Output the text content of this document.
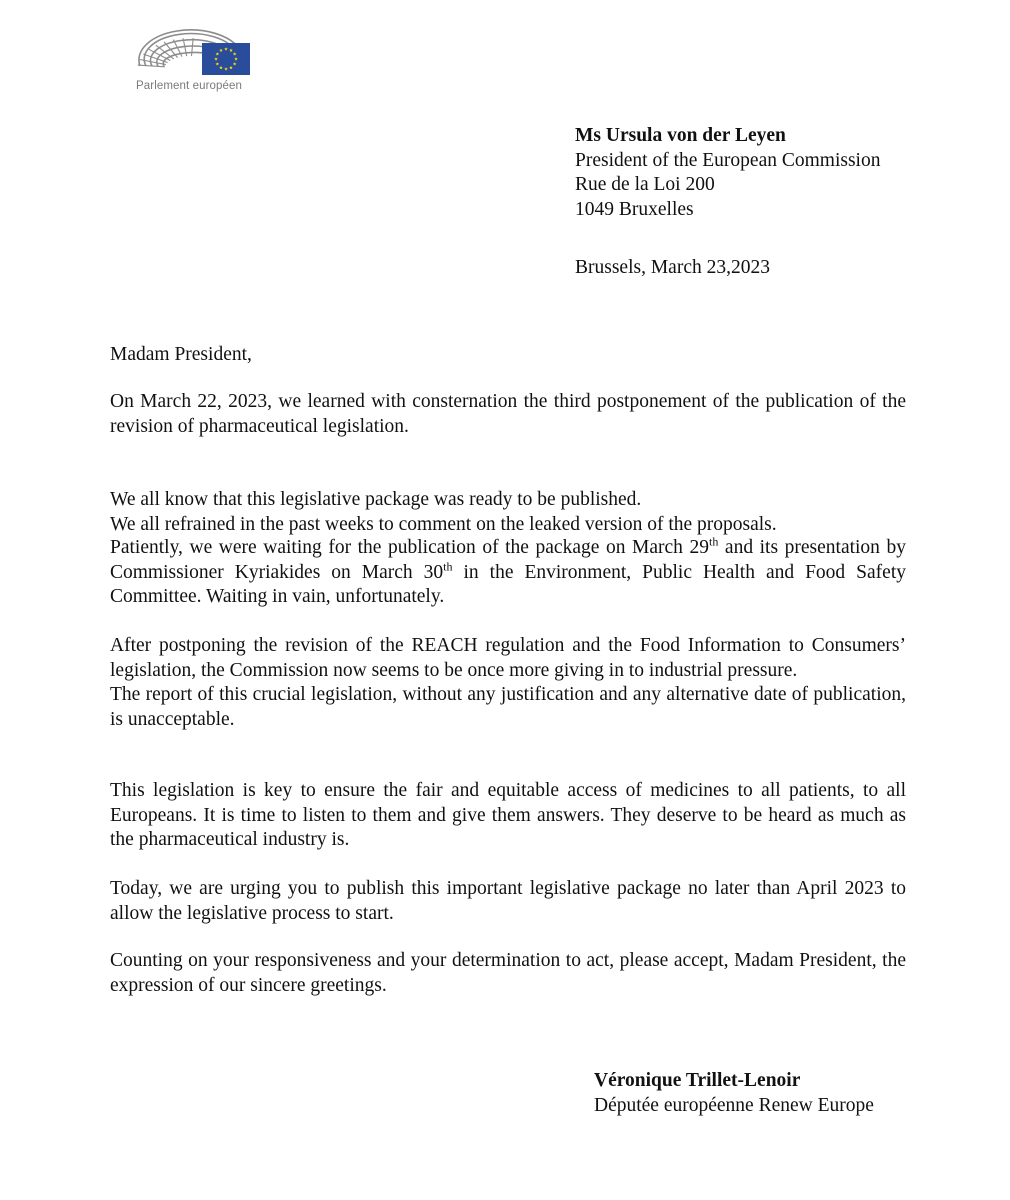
Parlement européen
Ms Ursula von der Leyen
President of the European Commission
Rue de la Loi 200
1049 Bruxelles
Brussels, March 23,2023

Madam President,

On March 22, 2023, we learned with consternation the third postponement of the publication of the revision of pharmaceutical legislation.

We all know that this legislative package was ready to be published.

We all refrained in the past weeks to comment on the leaked version of the proposals.

Patiently, we were waiting for the publication of the package on March 29th and its presentation by Commissioner Kyriakides on March 30th in the Environment, Public Health and Food Safety Committee. Waiting in vain, unfortunately.

After postponing the revision of the REACH regulation and the Food Information to Consumers’ legislation, the Commission now seems to be once more giving in to industrial pressure.

The report of this crucial legislation, without any justification and any alternative date of publication, is unacceptable.

This legislation is key to ensure the fair and equitable access of medicines to all patients, to all Europeans. It is time to listen to them and give them answers. They deserve to be heard as much as the pharmaceutical industry is.

Today, we are urging you to publish this important legislative package no later than April 2023 to allow the legislative process to start.

Counting on your responsiveness and your determination to act, please accept, Madam President, the expression of our sincere greetings.

Véronique Trillet-Lenoir
Députée européenne Renew Europe
